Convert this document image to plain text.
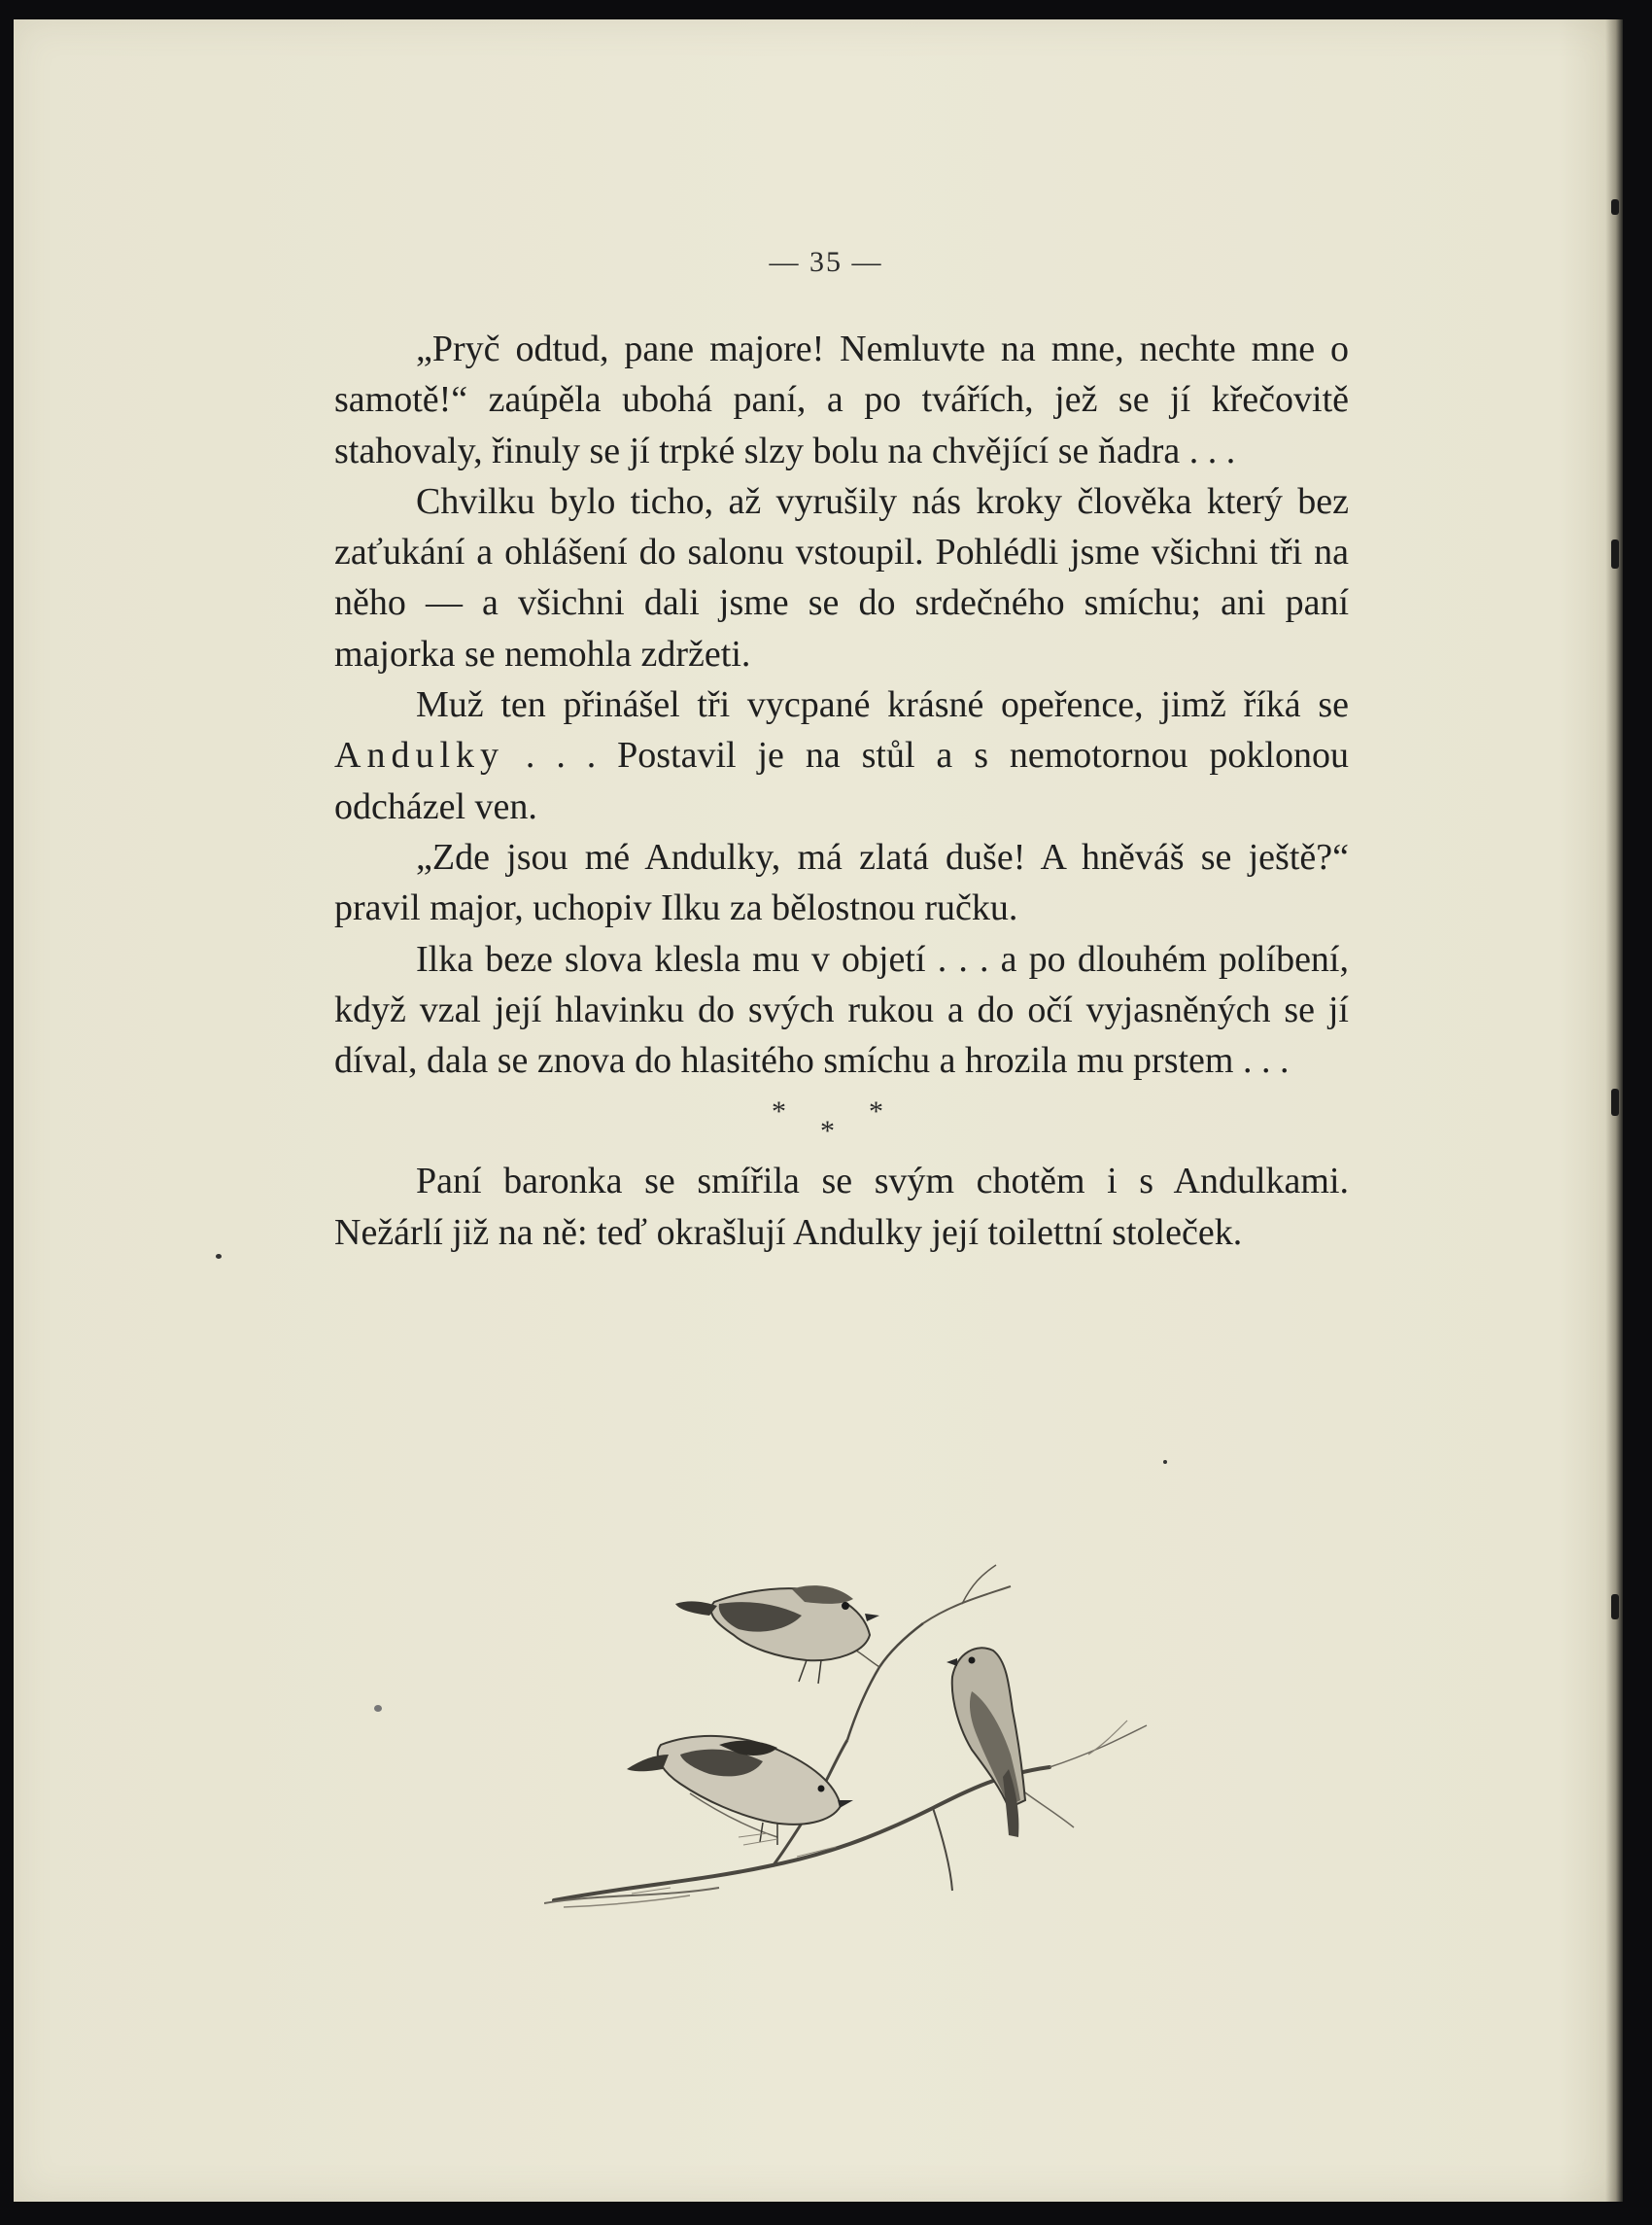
— 35 —

„Pryč odtud, pane majore! Nemluvte na mne, nechte mne o samotě!“ zaúpěla ubohá paní, a po tvářích, jež se jí křečovitě stahovaly, řinuly se jí trpké slzy bolu na chvějící se ňadra . . .

Chvilku bylo ticho, až vyrušily nás kroky člověka který bez zaťukání a ohlášení do salonu vstoupil. Pohlédli jsme všichni tři na něho — a všichni dali jsme se do srdečného smíchu; ani paní majorka se nemohla zdržeti.

Muž ten přinášel tři vycpané krásné opeřence, jimž říká se Andulky . . . Postavil je na stůl a s nemotornou poklonou odcházel ven.

„Zde jsou mé Andulky, má zlatá duše! A hněváš se ještě?“ pravil major, uchopiv Ilku za bělostnou ručku.

Ilka beze slova klesla mu v objetí . . . a po dlouhém políbení, když vzal její hlavinku do svých rukou a do očí vyjasněných se jí díval, dala se znova do hlasitého smíchu a hrozila mu prstem . . .

*
*
*

Paní baronka se smířila se svým chotěm i s Andulkami. Nežárlí již na ně: teď okrašlují Andulky její toilettní stoleček.
